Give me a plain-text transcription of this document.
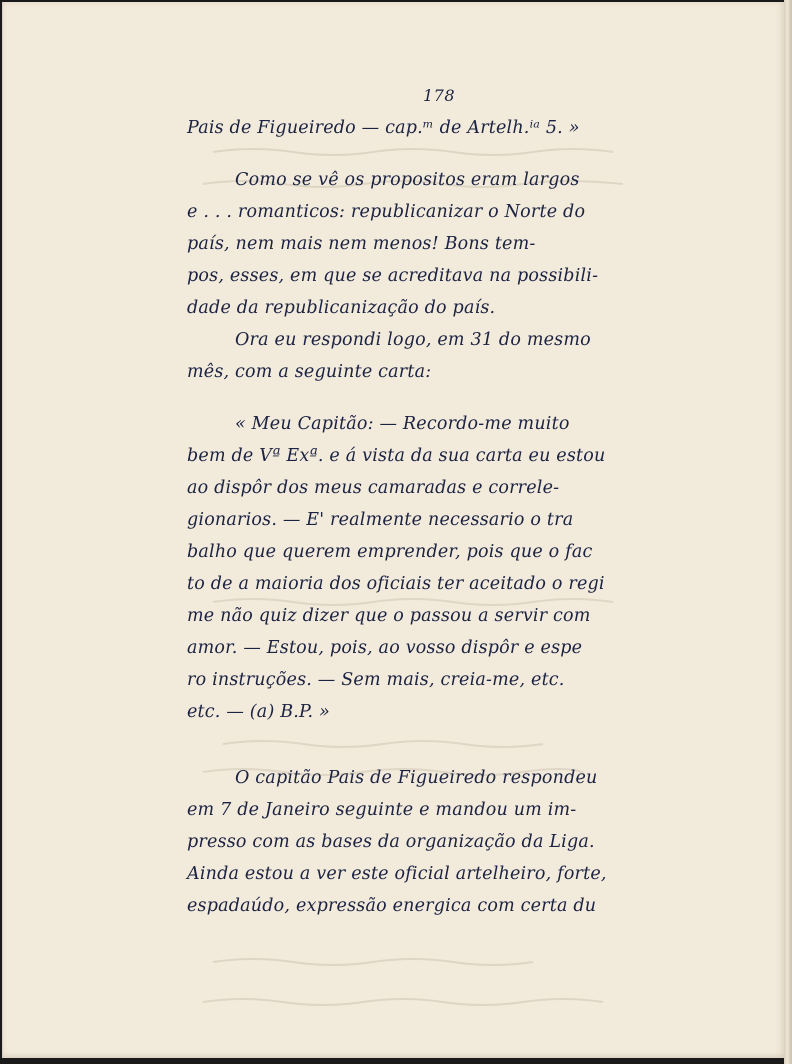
178
Pais de Figueiredo — cap.ᵐ de Artelh.ⁱᵃ 5. »
Como se vê os propositos eram largos
e . . . romanticos: republicanizar o Norte do
país, nem mais nem menos! Bons tem-
pos, esses, em que se acreditava na possibili-
dade da republicanização do país.
Ora eu respondi logo, em 31 do mesmo
mês, com a seguinte carta:
« Meu Capitão: — Recordo-me muito
bem de Vª Exª. e á vista da sua carta eu estou
ao dispôr dos meus camaradas e correle-
gionarios. — E' realmente necessario o tra
balho que querem emprender, pois que o fac
to de a maioria dos oficiais ter aceitado o regi
me não quiz dizer que o passou a servir com
amor. — Estou, pois, ao vosso dispôr e espe
ro instruções. — Sem mais, creia-me, etc.
etc. — (a) B.P. »
O capitão Pais de Figueiredo respondeu
em 7 de Janeiro seguinte e mandou um im-
presso com as bases da organização da Liga.
Ainda estou a ver este oficial artelheiro, forte,
espadaúdo, expressão energica com certa du
